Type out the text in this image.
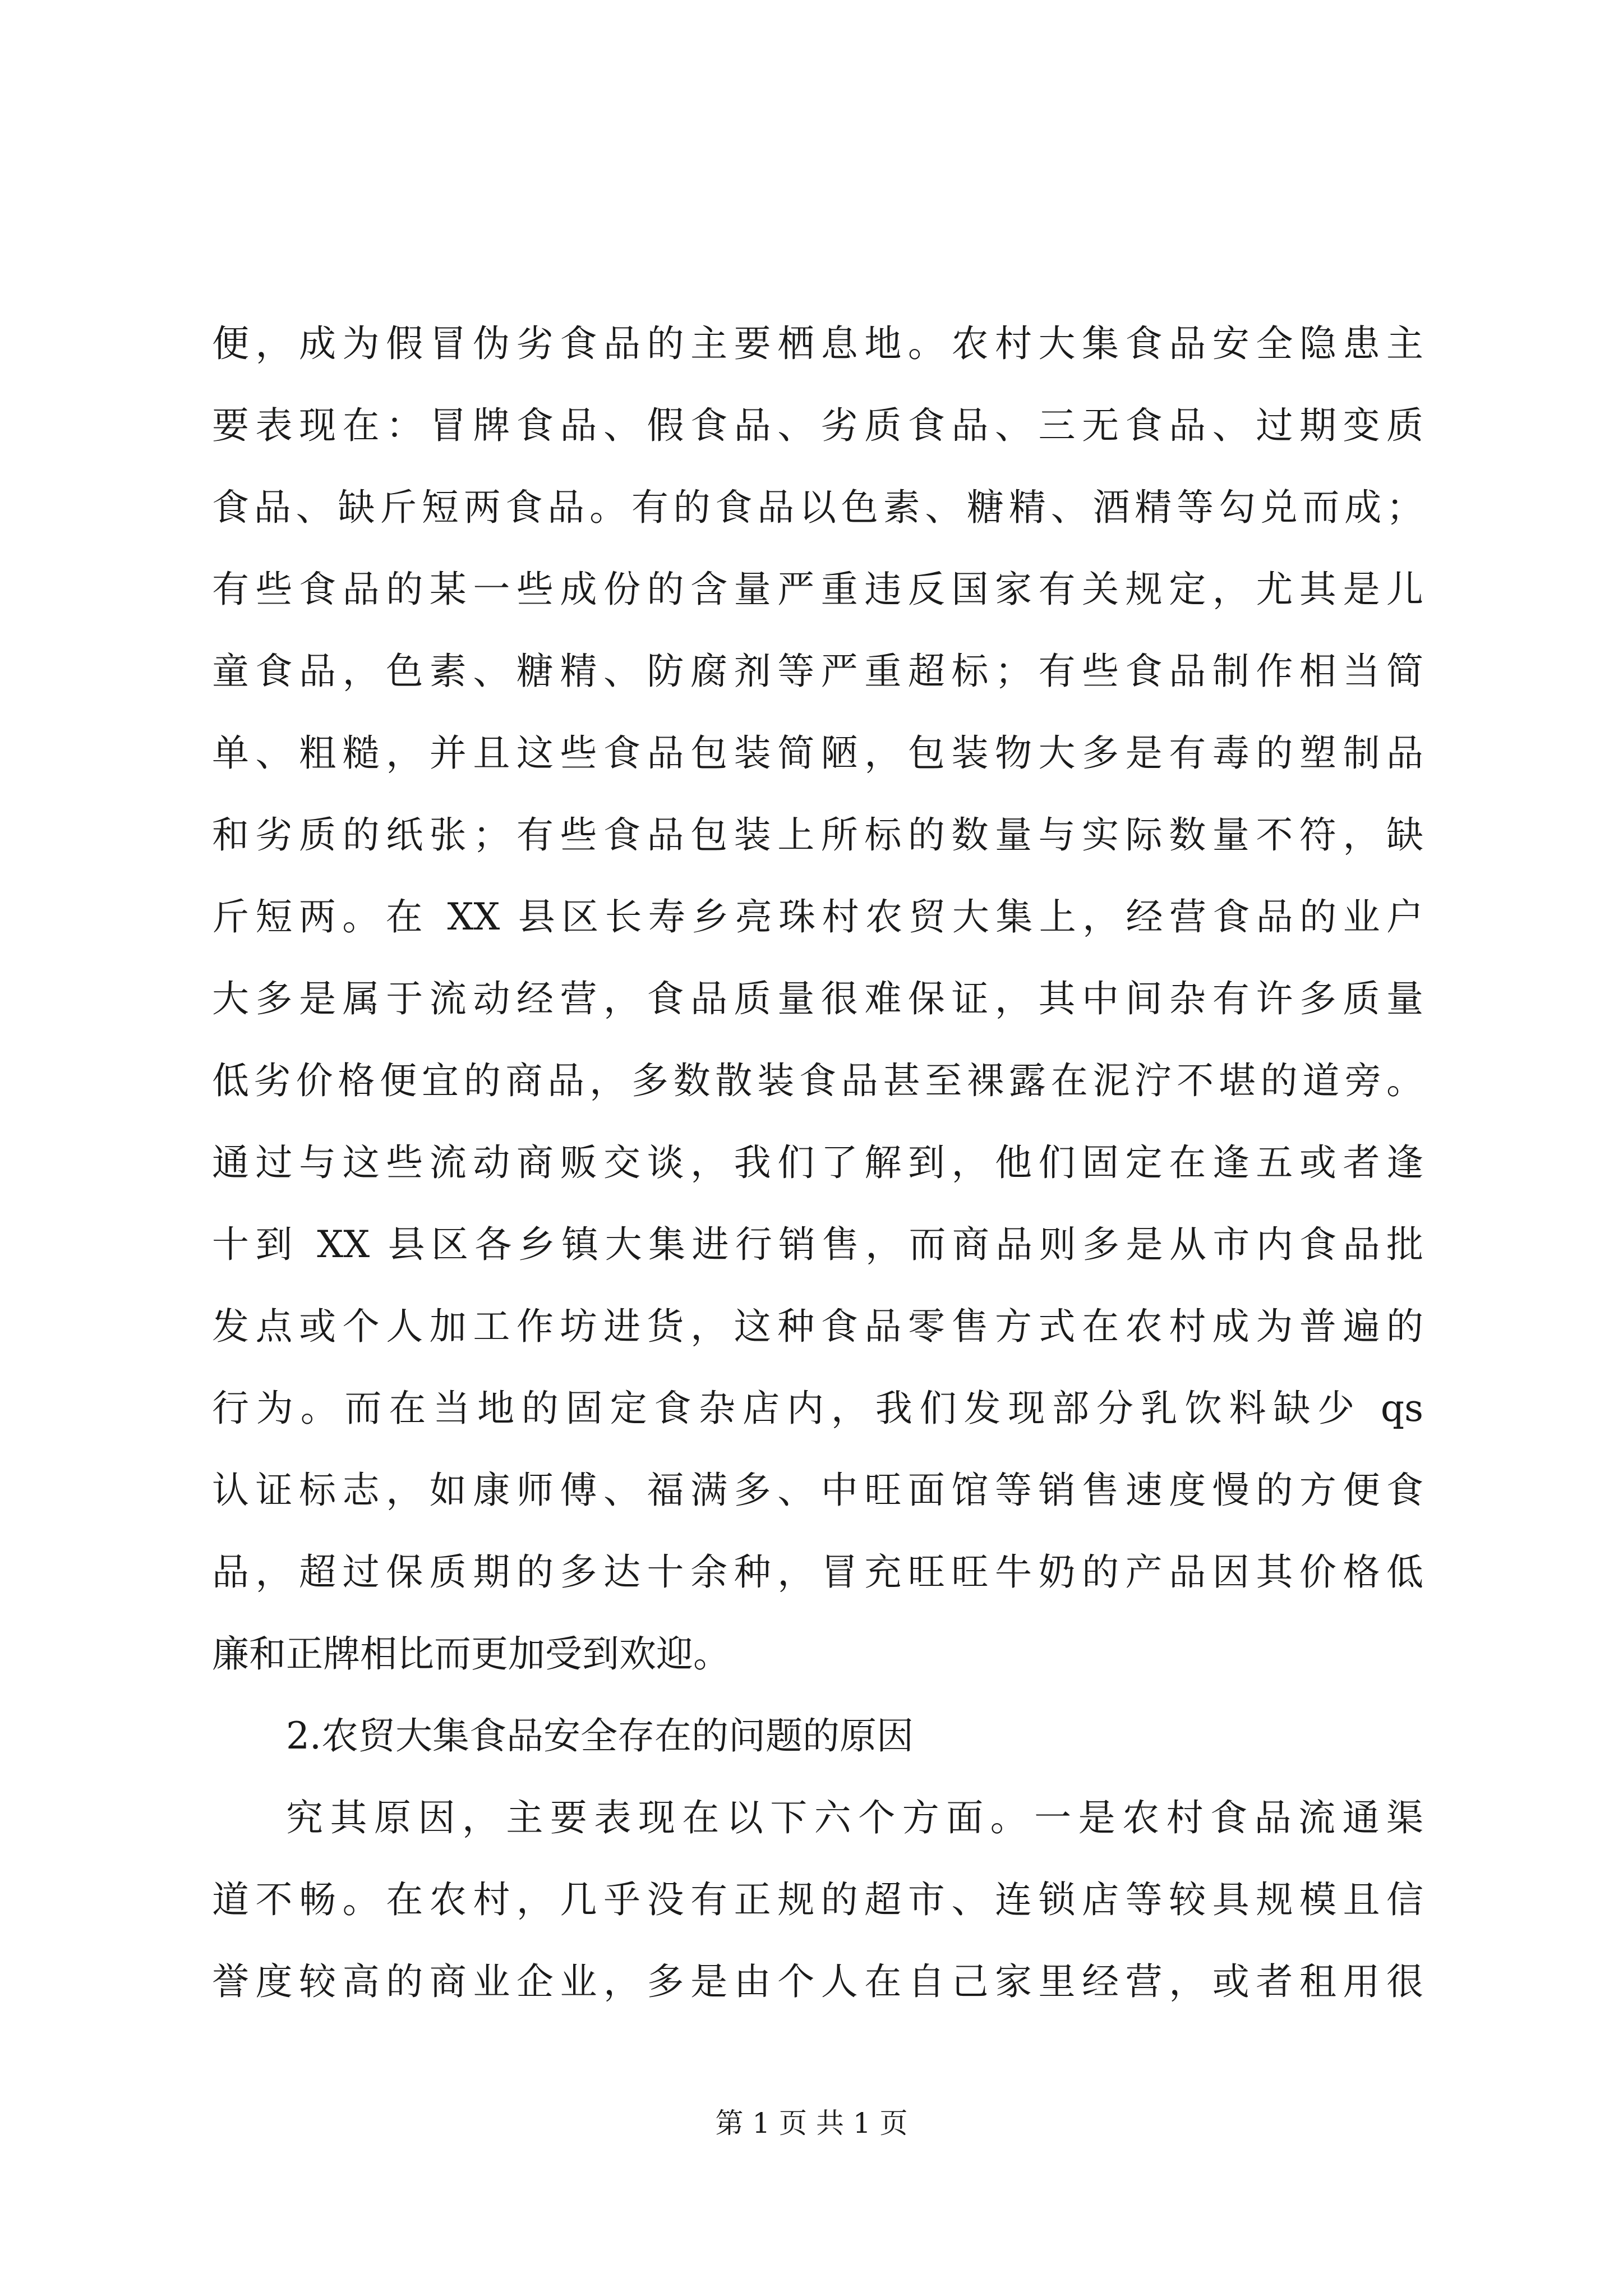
便，成为假冒伪劣食品的主要栖息地。农村大集食品安全隐患主
要表现在：冒牌食品、假食品、劣质食品、三无食品、过期变质
食品、缺斤短两食品。有的食品以色素、糖精、酒精等勾兑而成；
有些食品的某一些成份的含量严重违反国家有关规定，尤其是儿
童食品，色素、糖精、防腐剂等严重超标；有些食品制作相当简
单、粗糙，并且这些食品包装简陋，包装物大多是有毒的塑制品
和劣质的纸张；有些食品包装上所标的数量与实际数量不符，缺
斤短两。在 XX 县区长寿乡亮珠村农贸大集上，经营食品的业户
大多是属于流动经营，食品质量很难保证，其中间杂有许多质量
低劣价格便宜的商品，多数散装食品甚至裸露在泥泞不堪的道旁。
通过与这些流动商贩交谈，我们了解到，他们固定在逢五或者逢
十到 XX 县区各乡镇大集进行销售，而商品则多是从市内食品批
发点或个人加工作坊进货，这种食品零售方式在农村成为普遍的
行为。而在当地的固定食杂店内，我们发现部分乳饮料缺少 qs
认证标志，如康师傅、福满多、中旺面馆等销售速度慢的方便食
品，超过保质期的多达十余种，冒充旺旺牛奶的产品因其价格低
廉和正牌相比而更加受到欢迎。
2.农贸大集食品安全存在的问题的原因
究其原因，主要表现在以下六个方面。一是农村食品流通渠
道不畅。在农村，几乎没有正规的超市、连锁店等较具规模且信
誉度较高的商业企业，多是由个人在自己家里经营，或者租用很
第 1 页 共 1 页
